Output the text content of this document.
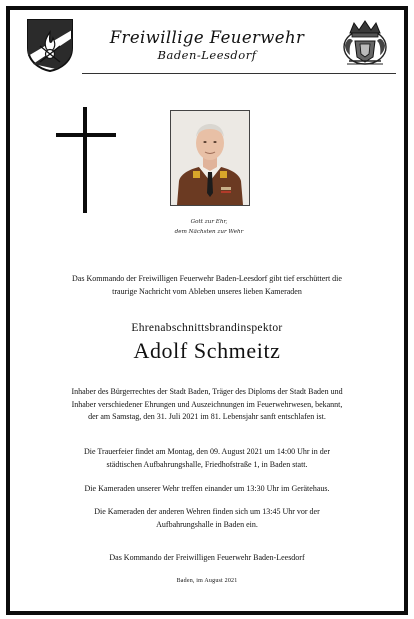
Freiwillige Feuerwehr
Baden-Leesdorf
Gott zur Ehr,
dem Nächsten zur Wehr
Das Kommando der Freiwilligen Feuerwehr Baden-Leesdorf gibt tief erschüttert die
traurige Nachricht vom Ableben unseres lieben Kameraden
Ehrenabschnittsbrandinspektor
Adolf Schmeitz
Inhaber des Bürgerrechtes der Stadt Baden, Träger des Diploms der Stadt Baden und
Inhaber verschiedener Ehrungen und Auszeichnungen im Feuerwehrwesen, bekannt,
der am Samstag, den 31. Juli 2021 im 81. Lebensjahr sanft entschlafen ist.
Die Trauerfeier findet am Montag, den 09. August 2021 um 14:00 Uhr in der
städtischen Aufbahrungshalle, Friedhofstraße 1, in Baden statt.
Die Kameraden unserer Wehr treffen einander um 13:30 Uhr im Gerätehaus.
Die Kameraden der anderen Wehren finden sich um 13:45 Uhr vor der
Aufbahrungshalle in Baden ein.
Das Kommando der Freiwilligen Feuerwehr Baden-Leesdorf
Baden, im August 2021
